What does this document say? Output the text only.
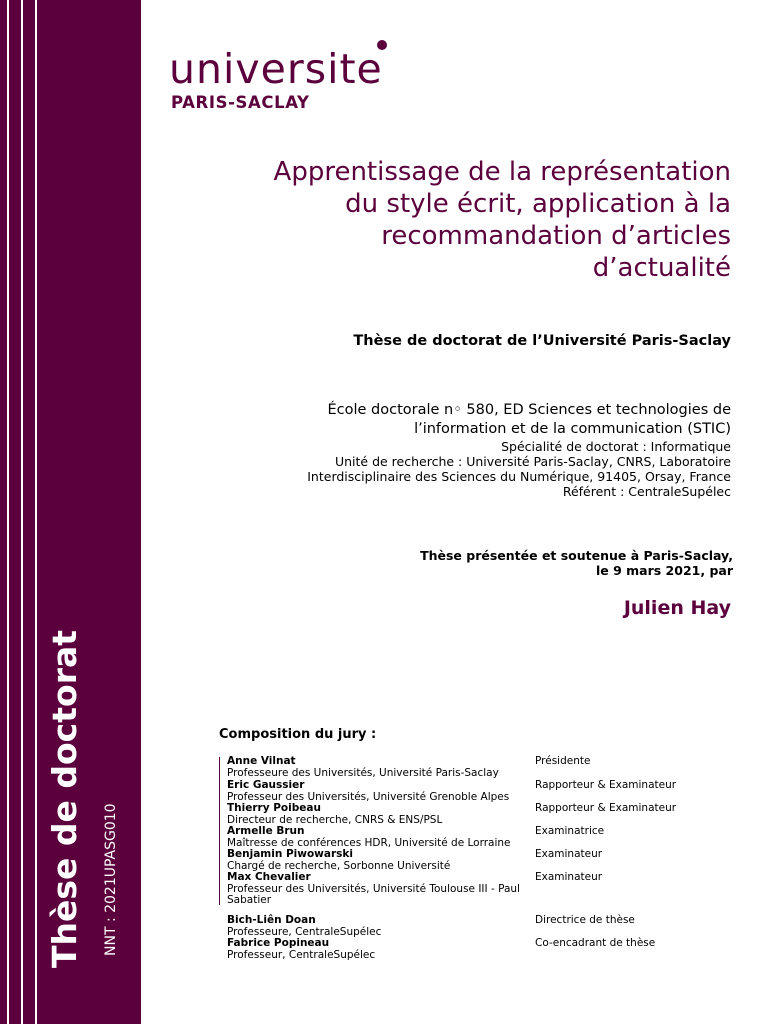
Thèse de doctorat NNT : 2021UPASG010
universite
PARIS-SACLAY
Apprentissage de la représentation
du style écrit, application à la
recommandation d’articles
d’actualité
Thèse de doctorat de l’Université Paris-Saclay
École doctorale n◦ 580, ED Sciences et technologies de
l’information et de la communication (STIC)
Spécialité de doctorat : Informatique
Unité de recherche : Université Paris-Saclay, CNRS, Laboratoire
Interdisciplinaire des Sciences du Numérique, 91405, Orsay, France
Référent : CentraleSupélec
Thèse présentée et soutenue à Paris-Saclay,
le 9 mars 2021, par
Julien Hay
Composition du jury :
Anne Vilnat
Professeure des Universités, Université Paris-Saclay
Présidente
Eric Gaussier
Professeur des Universités, Université Grenoble Alpes
Rapporteur & Examinateur
Thierry Poibeau
Directeur de recherche, CNRS & ENS/PSL
Rapporteur & Examinateur
Armelle Brun
Maîtresse de conférences HDR, Université de Lorraine
Examinatrice
Benjamin Piwowarski
Chargé de recherche, Sorbonne Université
Examinateur
Max Chevalier
Professeur des Universités, Université Toulouse III - Paul Sabatier
Examinateur
Bich-Liên Doan
Professeure, CentraleSupélec
Directrice de thèse
Fabrice Popineau
Professeur, CentraleSupélec
Co-encadrant de thèse
